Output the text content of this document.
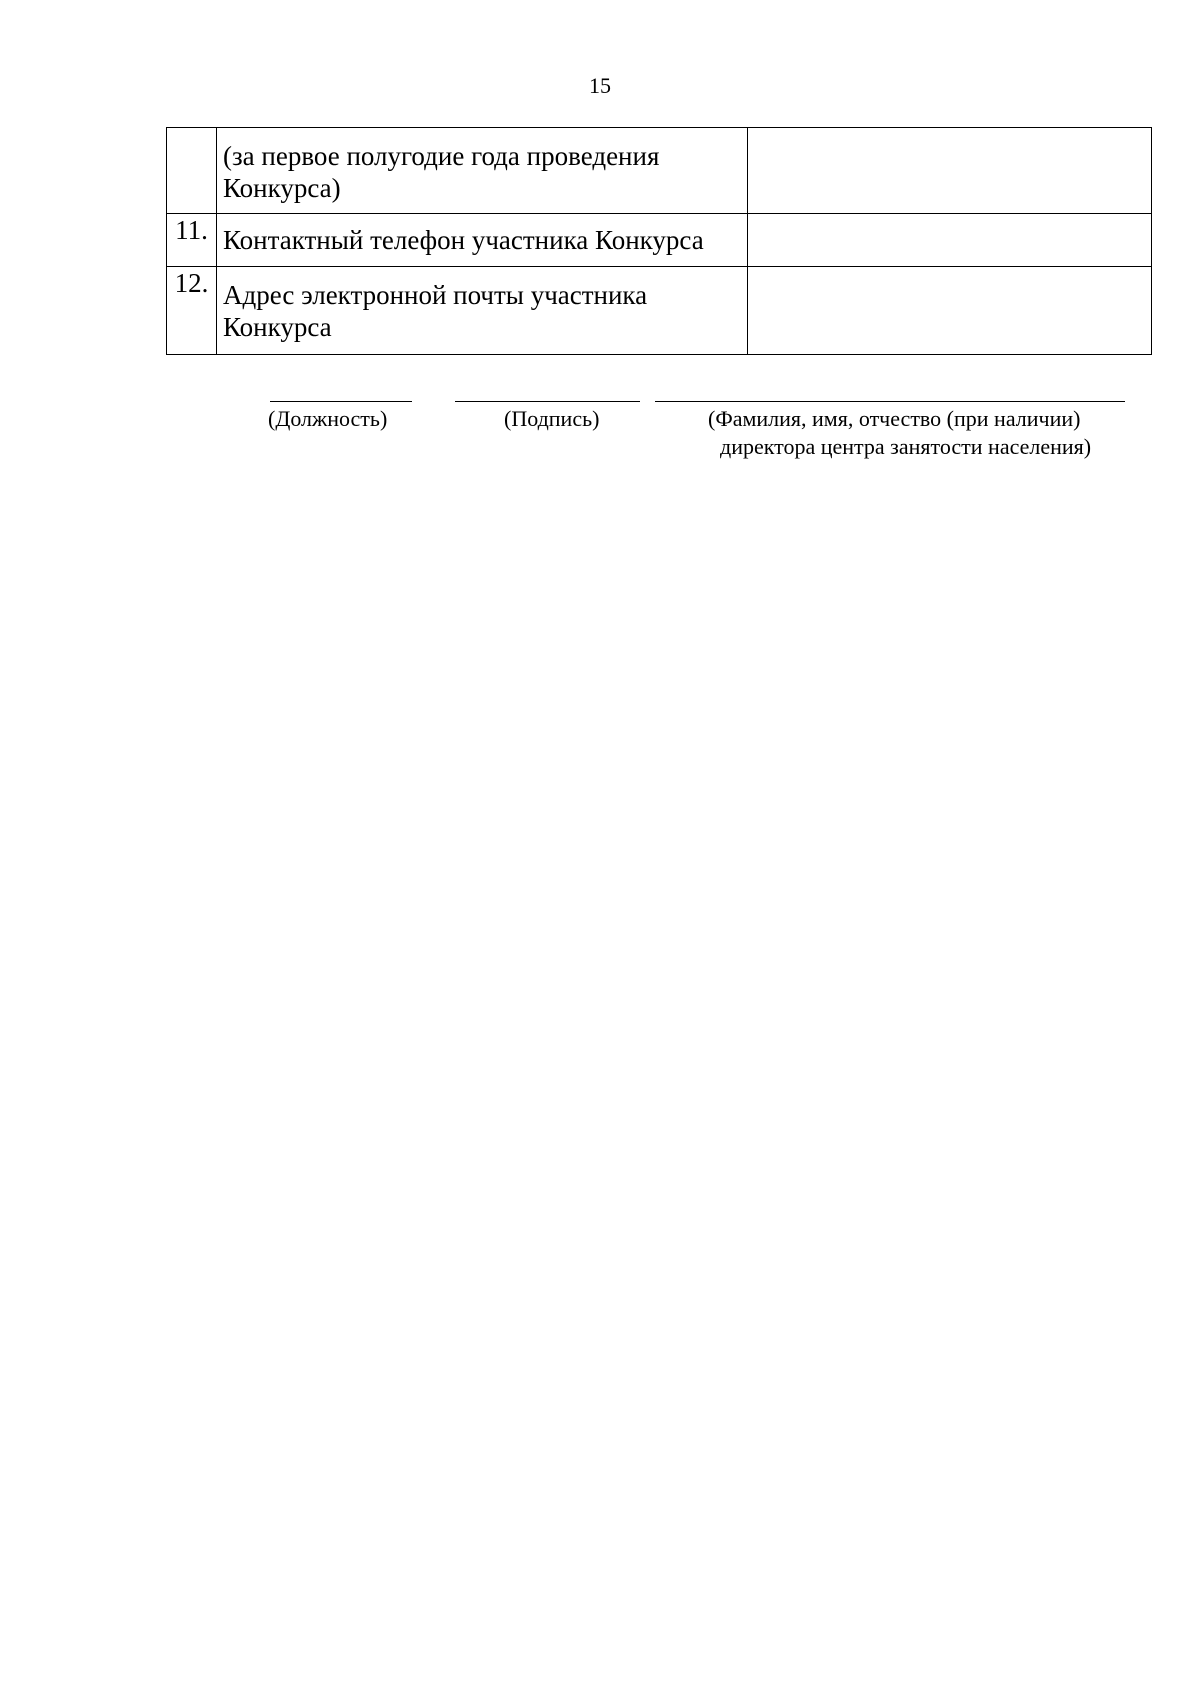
15
	(за первое полугодие года проведения Конкурса)	
11.	Контактный телефон участника Конкурса	
12.	Адрес электронной почты участника Конкурса	
(Должность)	(Подпись)	(Фамилия, имя, отчество (при наличии)
директора центра занятости населения)
